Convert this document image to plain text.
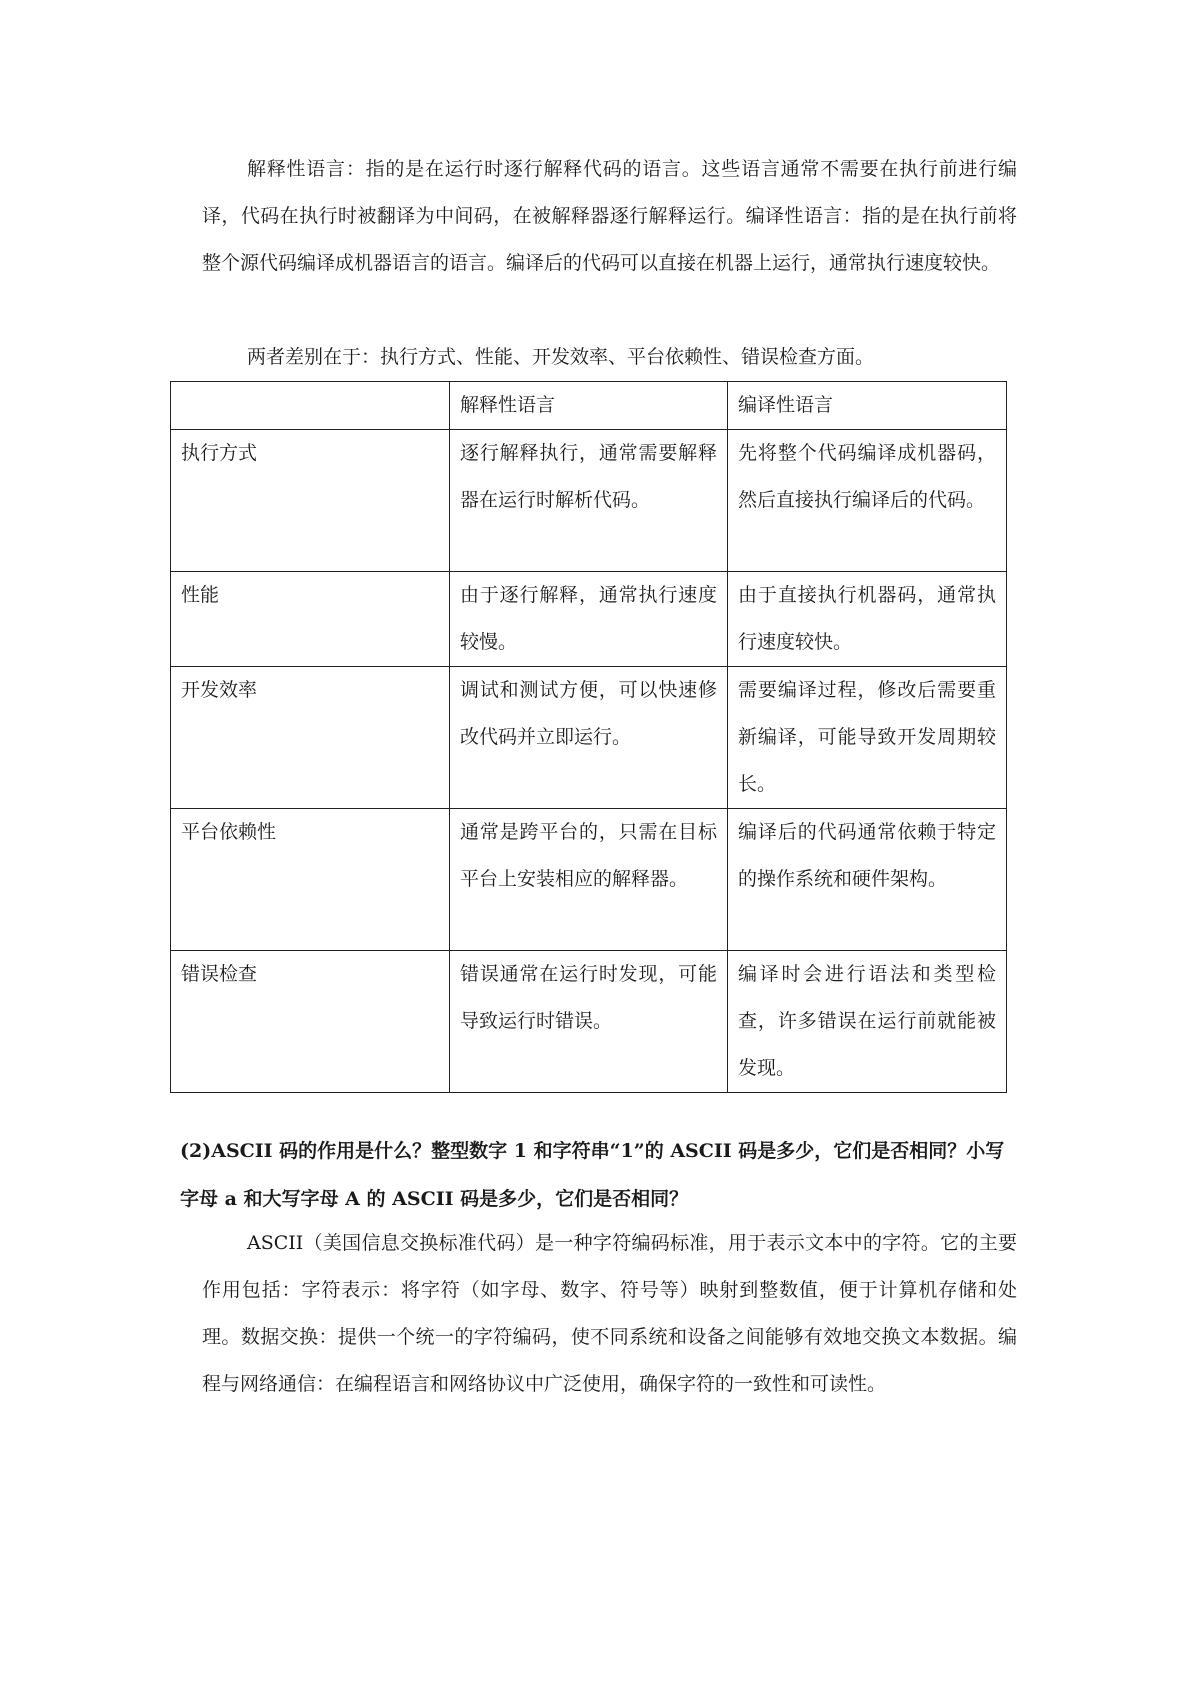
解释性语言：指的是在运行时逐行解释代码的语言。这些语言通常不需要在执行前进行编译，代码在执行时被翻译为中间码，在被解释器逐行解释运行。编译性语言：指的是在执行前将整个源代码编译成机器语言的语言。编译后的代码可以直接在机器上运行，通常执行速度较快。

两者差别在于：执行方式、性能、开发效率、平台依赖性、错误检查方面。

	解释性语言	编译性语言
执行方式	逐行解释执行，通常需要解释器在运行时解析代码。	先将整个代码编译成机器码，然后直接执行编译后的代码。
性能	由于逐行解释，通常执行速度较慢。	由于直接执行机器码，通常执行速度较快。
开发效率	调试和测试方便，可以快速修改代码并立即运行。	需要编译过程，修改后需要重新编译，可能导致开发周期较长。
平台依赖性	通常是跨平台的，只需在目标平台上安装相应的解释器。	编译后的代码通常依赖于特定的操作系统和硬件架构。
错误检查	错误通常在运行时发现，可能导致运行时错误。	编译时会进行语法和类型检查，许多错误在运行前就能被发现。

(2)ASCII 码的作用是什么？整型数字 1 和字符串“1”的 ASCII 码是多少，它们是否相同？小写字母 a 和大写字母 A 的 ASCII 码是多少，它们是否相同？

ASCII（美国信息交换标准代码）是一种字符编码标准，用于表示文本中的字符。它的主要作用包括：字符表示：将字符（如字母、数字、符号等）映射到整数值，便于计算机存储和处理。数据交换：提供一个统一的字符编码，使不同系统和设备之间能够有效地交换文本数据。编程与网络通信：在编程语言和网络协议中广泛使用，确保字符的一致性和可读性。
